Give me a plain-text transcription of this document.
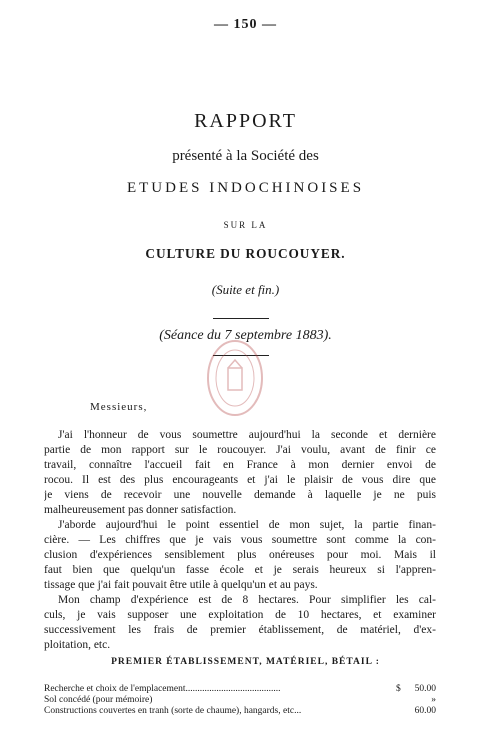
— 150 —
RAPPORT
présenté à la Société des
ETUDES INDOCHINOISES
SUR LA
CULTURE DU ROUCOUYER.
(Suite et fin.)
(Séance du 7 septembre 1883).
Messieurs,
J'ai l'honneur de vous soumettre aujourd'hui la seconde et dernière
partie de mon rapport sur le roucouyer. J'ai voulu, avant de finir ce
travail, connaître l'accueil fait en France à mon dernier envoi de
rocou. Il est des plus encourageants et j'ai le plaisir de vous dire que
je viens de recevoir une nouvelle demande à laquelle je ne puis
malheureusement pas donner satisfaction.
J'aborde aujourd'hui le point essentiel de mon sujet, la partie finan-
cière. — Les chiffres que je vais vous soumettre sont comme la con-
clusion d'expériences sensiblement plus onéreuses pour moi. Mais il
faut bien que quelqu'un fasse école et je serais heureux si l'appren-
tissage que j'ai fait pouvait être utile à quelqu'un et au pays.
Mon champ d'expérience est de 8 hectares. Pour simplifier les cal-
culs, je vais supposer une exploitation de 10 hectares, et examiner
successivement les frais de premier établissement, de matériel, d'ex-
ploitation, etc.
PREMIER ÉTABLISSEMENT, MATÉRIEL, BÉTAIL :
Recherche et choix de l'emplacement........................................	$ 50.00
Sol concédé (pour mémoire)	»
Constructions couvertes en tranh (sorte de chaume), hangards, etc...	60.00
